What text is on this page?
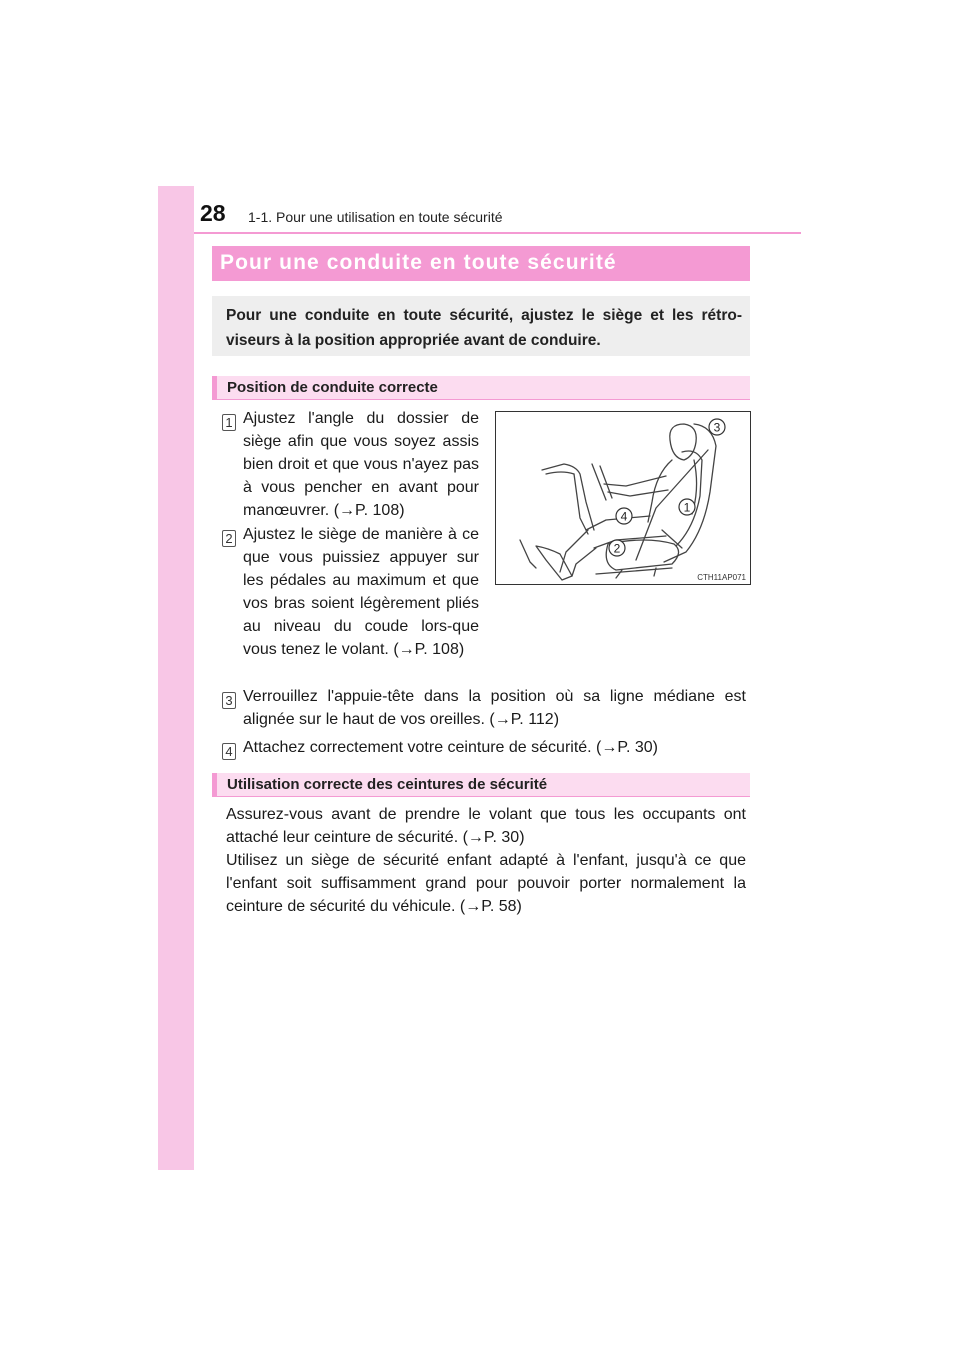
28 1-1. Pour une utilisation en toute sécurité
Pour une conduite en toute sécurité

Pour une conduite en toute sécurité, ajustez le siège et les rétro-viseurs à la position appropriée avant de conduire.

Position de conduite correcte
1 Ajustez l'angle du dossier de siège afin que vous soyez assis bien droit et que vous n'ayez pas à vous pencher en avant pour manœuvrer. (→P. 108)

2 Ajustez le siège de manière à ce que vous puissiez appuyer sur les pédales au maximum et que vos bras soient légèrement pliés au niveau du coude lors-que vous tenez le volant. (→P. 108)

3 Verrouillez l'appuie-tête dans la position où sa ligne médiane est alignée sur le haut de vos oreilles. (→P. 112)

4 Attachez correctement votre ceinture de sécurité. (→P. 30)

1
2
3
4
CTH11AP071
Utilisation correcte des ceintures de sécurité

Assurez-vous avant de prendre le volant que tous les occupants ont attaché leur ceinture de sécurité. (→P. 30)

Utilisez un siège de sécurité enfant adapté à l'enfant, jusqu'à ce que l'enfant soit suffisamment grand pour pouvoir porter normalement la ceinture de sécurité du véhicule. (→P. 58)
